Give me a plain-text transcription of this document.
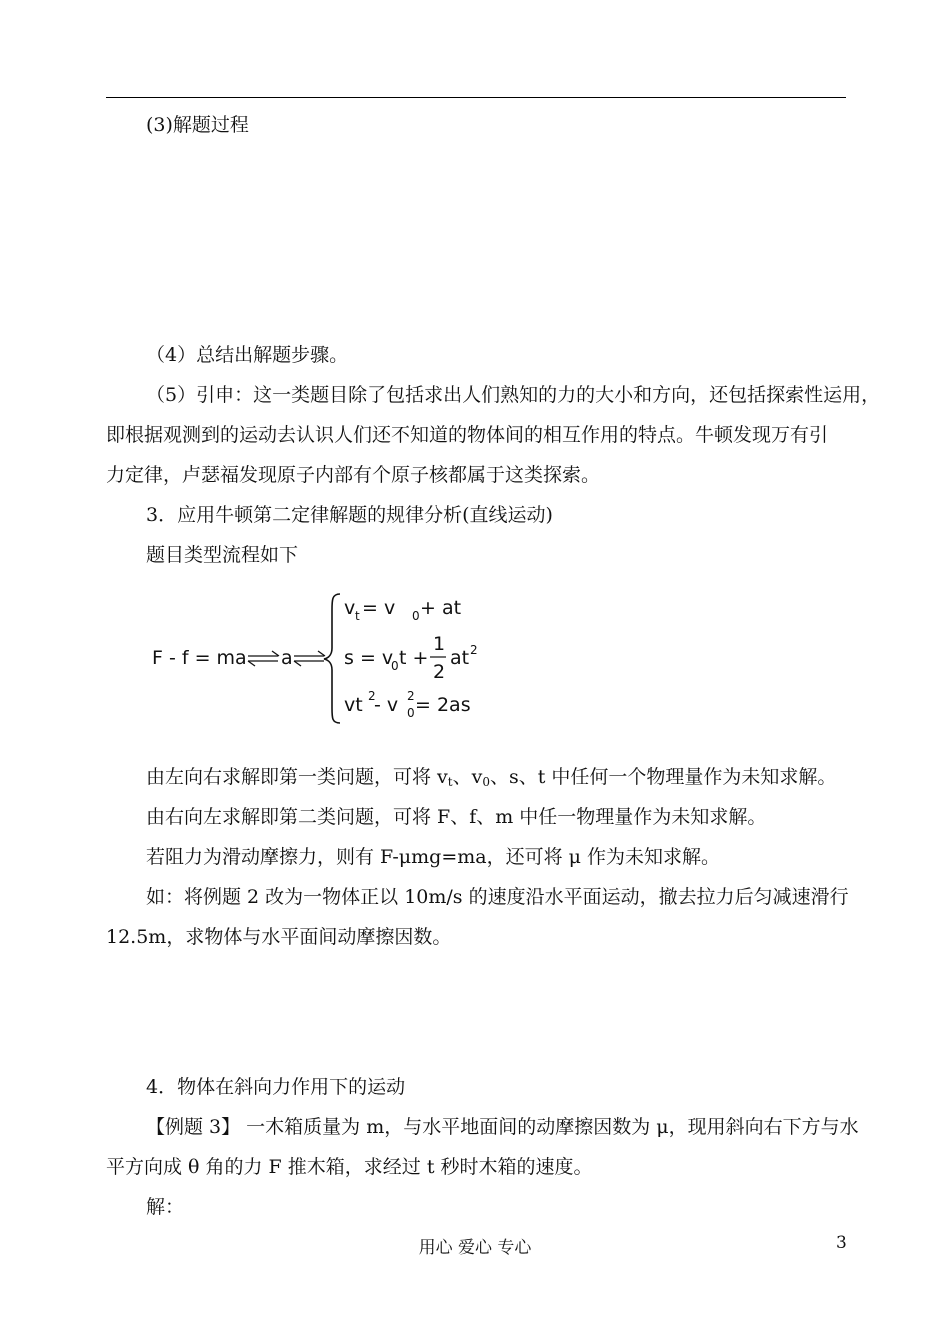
(3)解题过程
（4）总结出解题步骤。
（5）引申：这一类题目除了包括求出人们熟知的力的大小和方向，还包括探索性运用，
即根据观测到的运动去认识人们还不知道的物体间的相互作用的特点。牛顿发现万有引
力定律，卢瑟福发现原子内部有个原子核都属于这类探索。
3．应用牛顿第二定律解题的规律分析(直线运动)
题目类型流程如下
F - f = ma a
v t = v 0 + at
s = v
0 t +
1
2
at 2
vt 2
- v 0
2 = 2as
由左向右求解即第一类问题，可将 $v_t$、$v_0$、s、t 中任何一个物理量作为未知求解。
由右向左求解即第二类问题，可将 F、f、m 中任一物理量作为未知求解。
若阻力为滑动摩擦力，则有 F-μmg=ma，还可将 μ 作为未知求解。
如：将例题 2 改为一物体正以 10m/s 的速度沿水平面运动，撤去拉力后匀减速滑行
12.5m，求物体与水平面间动摩擦因数。
4．物体在斜向力作用下的运动
【例题 3】 一木箱质量为 m，与水平地面间的动摩擦因数为 μ，现用斜向右下方与水
平方向成 θ 角的力 F 推木箱，求经过 t 秒时木箱的速度。
解：
用心 爱心 专心	3
